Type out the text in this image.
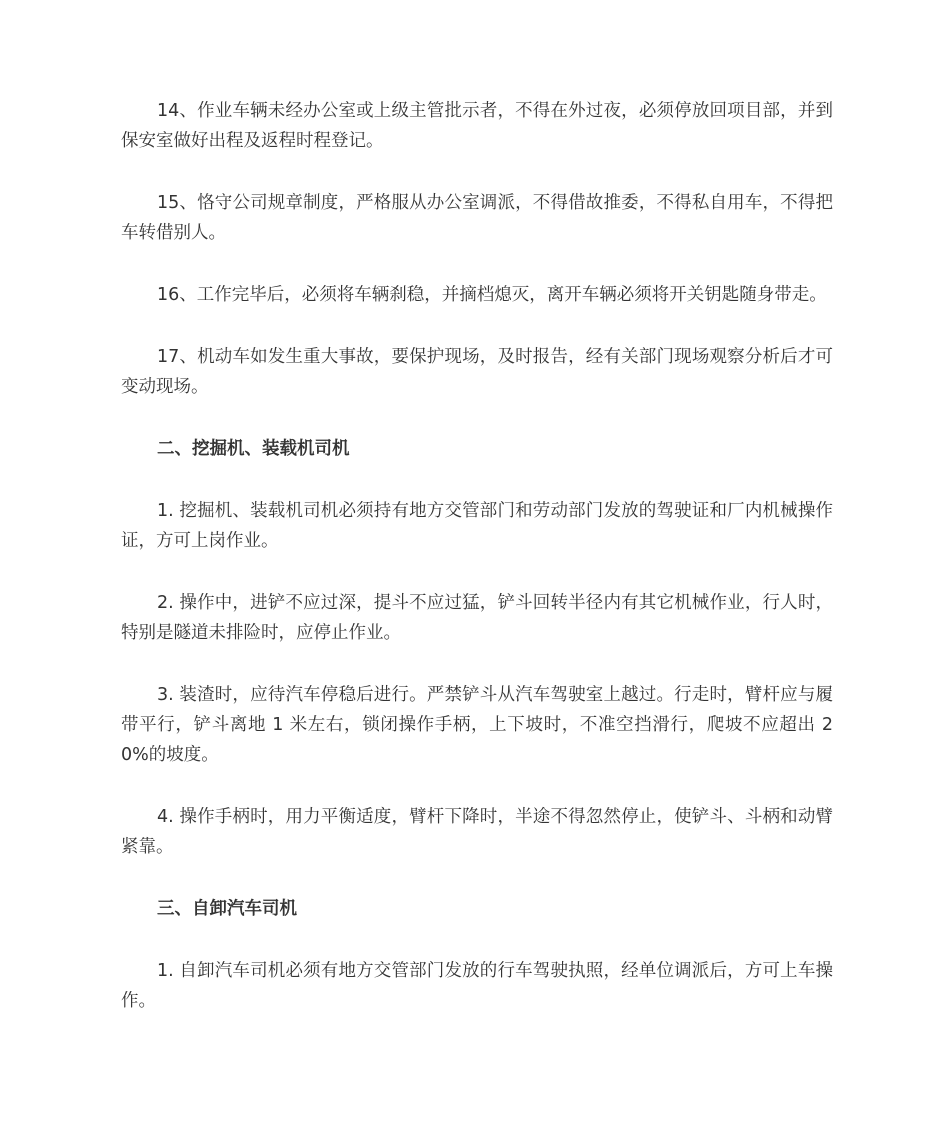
14、作业车辆未经办公室或上级主管批示者，不得在外过夜，必须停放回项目部，并到保安室做好出程及返程时程登记。

15、恪守公司规章制度，严格服从办公室调派，不得借故推委，不得私自用车，不得把车转借别人。

16、工作完毕后，必须将车辆刹稳，并摘档熄灭，离开车辆必须将开关钥匙随身带走。

17、机动车如发生重大事故，要保护现场，及时报告，经有关部门现场观察分析后才可变动现场。

二、挖掘机、装载机司机

1. 挖掘机、装载机司机必须持有地方交管部门和劳动部门发放的驾驶证和厂内机械操作证，方可上岗作业。

2. 操作中，进铲不应过深，提斗不应过猛，铲斗回转半径内有其它机械作业，行人时，特别是隧道未排险时，应停止作业。

3. 装渣时，应待汽车停稳后进行。严禁铲斗从汽车驾驶室上越过。行走时，臂杆应与履带平行，铲斗离地 1 米左右，锁闭操作手柄，上下坡时，不准空挡滑行，爬坡不应超出 20%的坡度。

4. 操作手柄时，用力平衡适度，臂杆下降时，半途不得忽然停止，使铲斗、斗柄和动臂紧靠。

三、自卸汽车司机

1. 自卸汽车司机必须有地方交管部门发放的行车驾驶执照，经单位调派后，方可上车操作。
